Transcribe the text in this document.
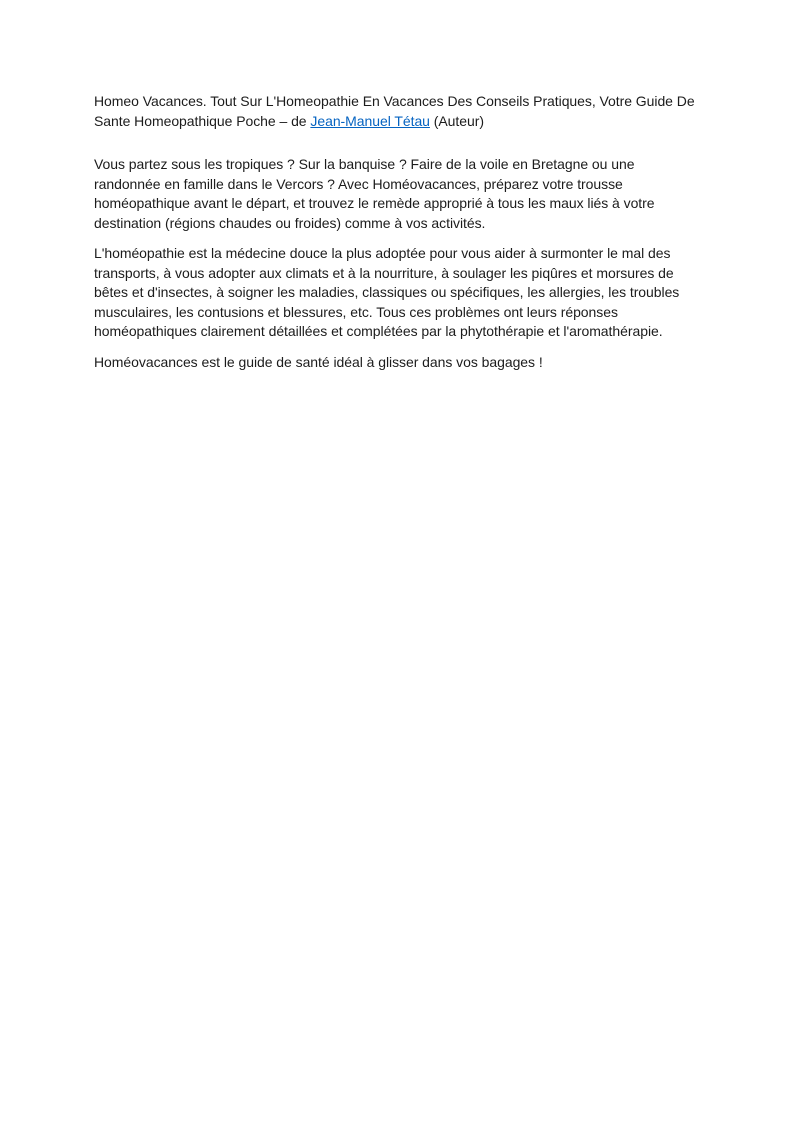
Homeo Vacances. Tout Sur L'Homeopathie En Vacances Des Conseils Pratiques, Votre Guide De Sante Homeopathique Poche – de Jean-Manuel Tétau (Auteur)

Vous partez sous les tropiques ? Sur la banquise ? Faire de la voile en Bretagne ou une randonnée en famille dans le Vercors ? Avec Homéovacances, préparez votre trousse homéopathique avant le départ, et trouvez le remède approprié à tous les maux liés à votre destination (régions chaudes ou froides) comme à vos activités.

L'homéopathie est la médecine douce la plus adoptée pour vous aider à surmonter le mal des transports, à vous adopter aux climats et à la nourriture, à soulager les piqûres et morsures de bêtes et d'insectes, à soigner les maladies, classiques ou spécifiques, les allergies, les troubles musculaires, les contusions et blessures, etc. Tous ces problèmes ont leurs réponses homéopathiques clairement détaillées et complétées par la phytothérapie et l'aromathérapie.

Homéovacances est le guide de santé idéal à glisser dans vos bagages !
